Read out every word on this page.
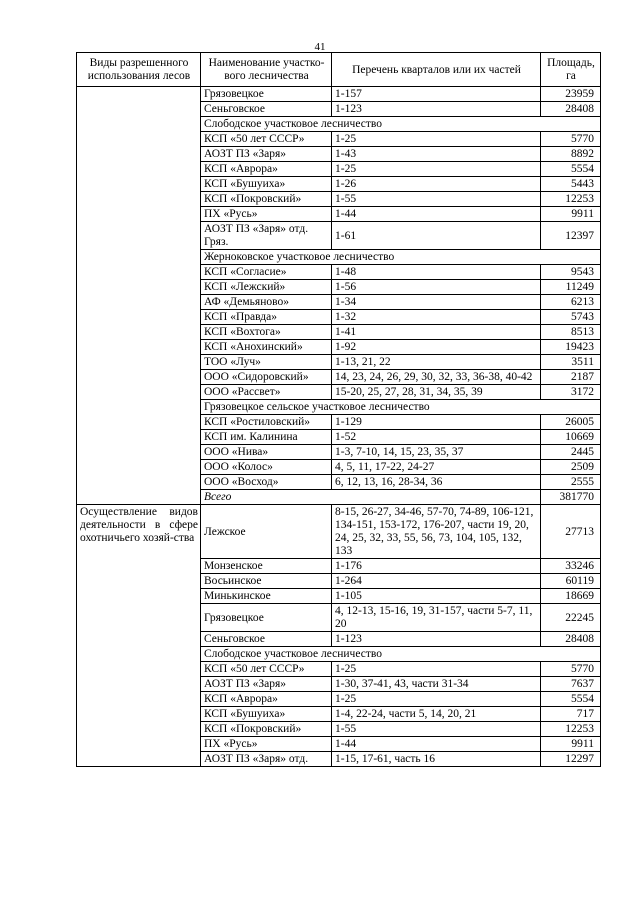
41
Виды разрешенного использования лесов	Наименование участко-вого лесничества	Перечень кварталов или их частей	Площадь, га
	Грязовецкое	1-157	23959
	Сеньговское	1-123	28408
	Слободское участковое лесничество		
	КСП «50 лет СССР»	1-25	5770
	АОЗТ ПЗ «Заря»	1-43	8892
	КСП «Аврора»	1-25	5554
	КСП «Бушуиха»	1-26	5443
	КСП «Покровский»	1-55	12253
	ПХ «Русь»	1-44	9911
	АОЗТ ПЗ «Заря» отд. Гряз.	1-61	12397
	Жерноковское участковое лесничество		
	КСП «Согласие»	1-48	9543
	КСП «Лежский»	1-56	11249
	АФ «Демьяново»	1-34	6213
	КСП «Правда»	1-32	5743
	КСП «Вохтога»	1-41	8513
	КСП «Анохинский»	1-92	19423
	ТОО «Луч»	1-13, 21, 22	3511
	ООО «Сидоровский»	14, 23, 24, 26, 29, 30, 32, 33, 36-38, 40-42	2187
	ООО «Рассвет»	15-20, 25, 27, 28, 31, 34, 35, 39	3172
	Грязовецкое сельское участковое лесничество		
	КСП «Ростиловский»	1-129	26005
	КСП им. Калинина	1-52	10669
	ООО «Нива»	1-3, 7-10, 14, 15, 23, 35, 37	2445
	ООО «Колос»	4, 5, 11, 17-22, 24-27	2509
	ООО «Восход»	6, 12, 13, 16, 28-34, 36	2555
	Всего		381770
Осуществление видов деятельности в сфере охотничьего хозяй-ства	Лежское	8-15, 26-27, 34-46, 57-70, 74-89, 106-121, 134-151, 153-172, 176-207, части 19, 20, 24, 25, 32, 33, 55, 56, 73, 104, 105, 132, 133	27713
	Монзенское	1-176	33246
	Восьинское	1-264	60119
	Минькинское	1-105	18669
	Грязовецкое	4, 12-13, 15-16, 19, 31-157, части 5-7, 11, 20	22245
	Сеньговское	1-123	28408
	Слободское участковое лесничество		
	КСП «50 лет СССР»	1-25	5770
	АОЗТ ПЗ «Заря»	1-30, 37-41, 43, части 31-34	7637
	КСП «Аврора»	1-25	5554
	КСП «Бушуиха»	1-4, 22-24, части 5, 14, 20, 21	717
	КСП «Покровский»	1-55	12253
	ПХ «Русь»	1-44	9911
	АОЗТ ПЗ «Заря» отд.	1-15, 17-61, часть 16	12297
